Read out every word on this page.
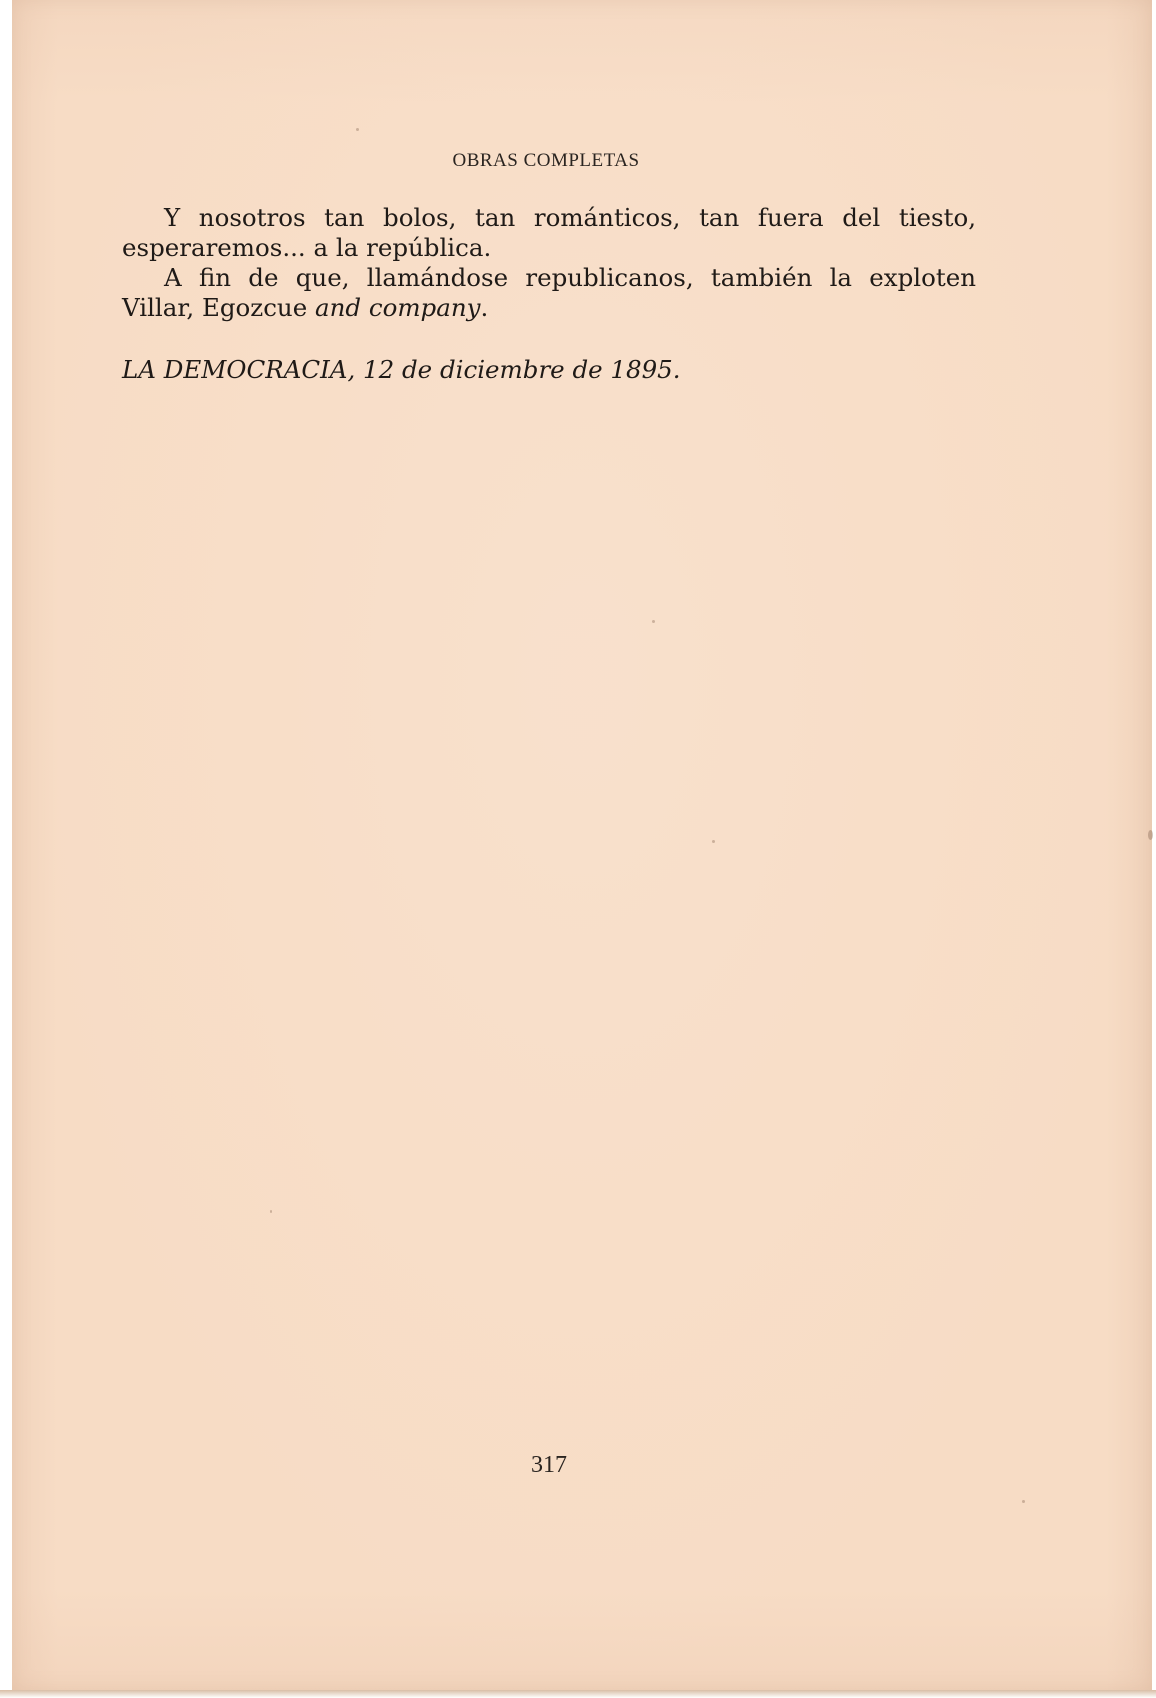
OBRAS COMPLETAS

Y nosotros tan bolos, tan románticos, tan fuera del tiesto, esperaremos... a la república.

A fin de que, llamándose republicanos, también la exploten Villar, Egozcue and company.

LA DEMOCRACIA, 12 de diciembre de 1895.
317
